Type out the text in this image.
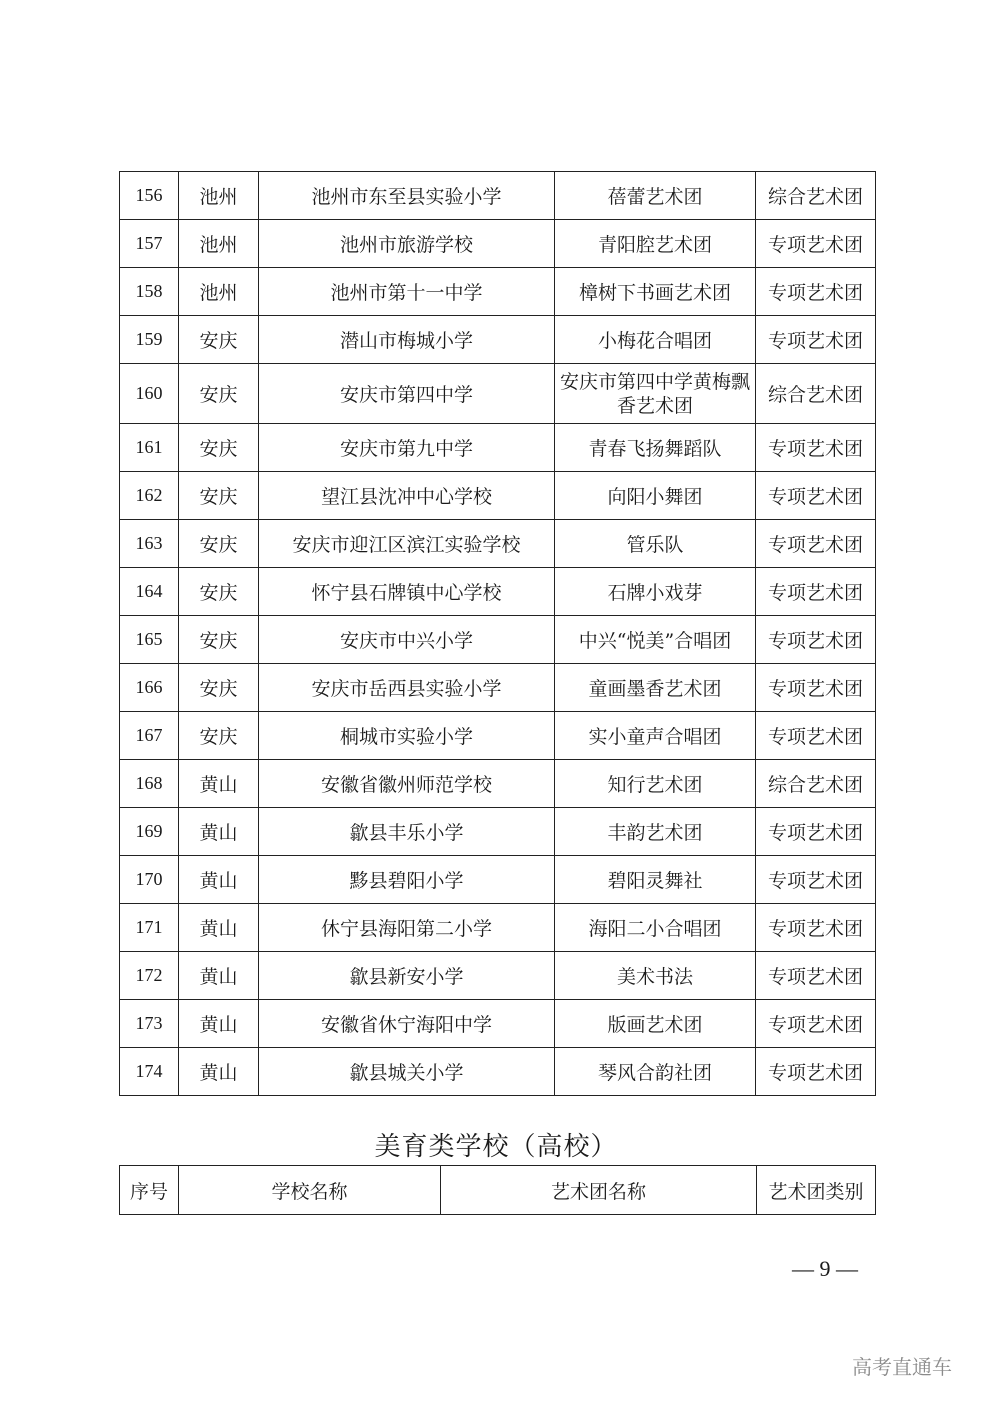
156	池州	池州市东至县实验小学	蓓蕾艺术团	综合艺术团
157	池州	池州市旅游学校	青阳腔艺术团	专项艺术团
158	池州	池州市第十一中学	樟树下书画艺术团	专项艺术团
159	安庆	潜山市梅城小学	小梅花合唱团	专项艺术团
160	安庆	安庆市第四中学	安庆市第四中学黄梅飘香艺术团	综合艺术团
161	安庆	安庆市第九中学	青春飞扬舞蹈队	专项艺术团
162	安庆	望江县沈冲中心学校	向阳小舞团	专项艺术团
163	安庆	安庆市迎江区滨江实验学校	管乐队	专项艺术团
164	安庆	怀宁县石牌镇中心学校	石牌小戏芽	专项艺术团
165	安庆	安庆市中兴小学	中兴“悦美”合唱团	专项艺术团
166	安庆	安庆市岳西县实验小学	童画墨香艺术团	专项艺术团
167	安庆	桐城市实验小学	实小童声合唱团	专项艺术团
168	黄山	安徽省徽州师范学校	知行艺术团	综合艺术团
169	黄山	歙县丰乐小学	丰韵艺术团	专项艺术团
170	黄山	黟县碧阳小学	碧阳灵舞社	专项艺术团
171	黄山	休宁县海阳第二小学	海阳二小合唱团	专项艺术团
172	黄山	歙县新安小学	美术书法	专项艺术团
173	黄山	安徽省休宁海阳中学	版画艺术团	专项艺术团
174	黄山	歙县城关小学	琴风合韵社团	专项艺术团
美育类学校（高校）
序号	学校名称	艺术团名称	艺术团类别
— 9 —
高考直通车
